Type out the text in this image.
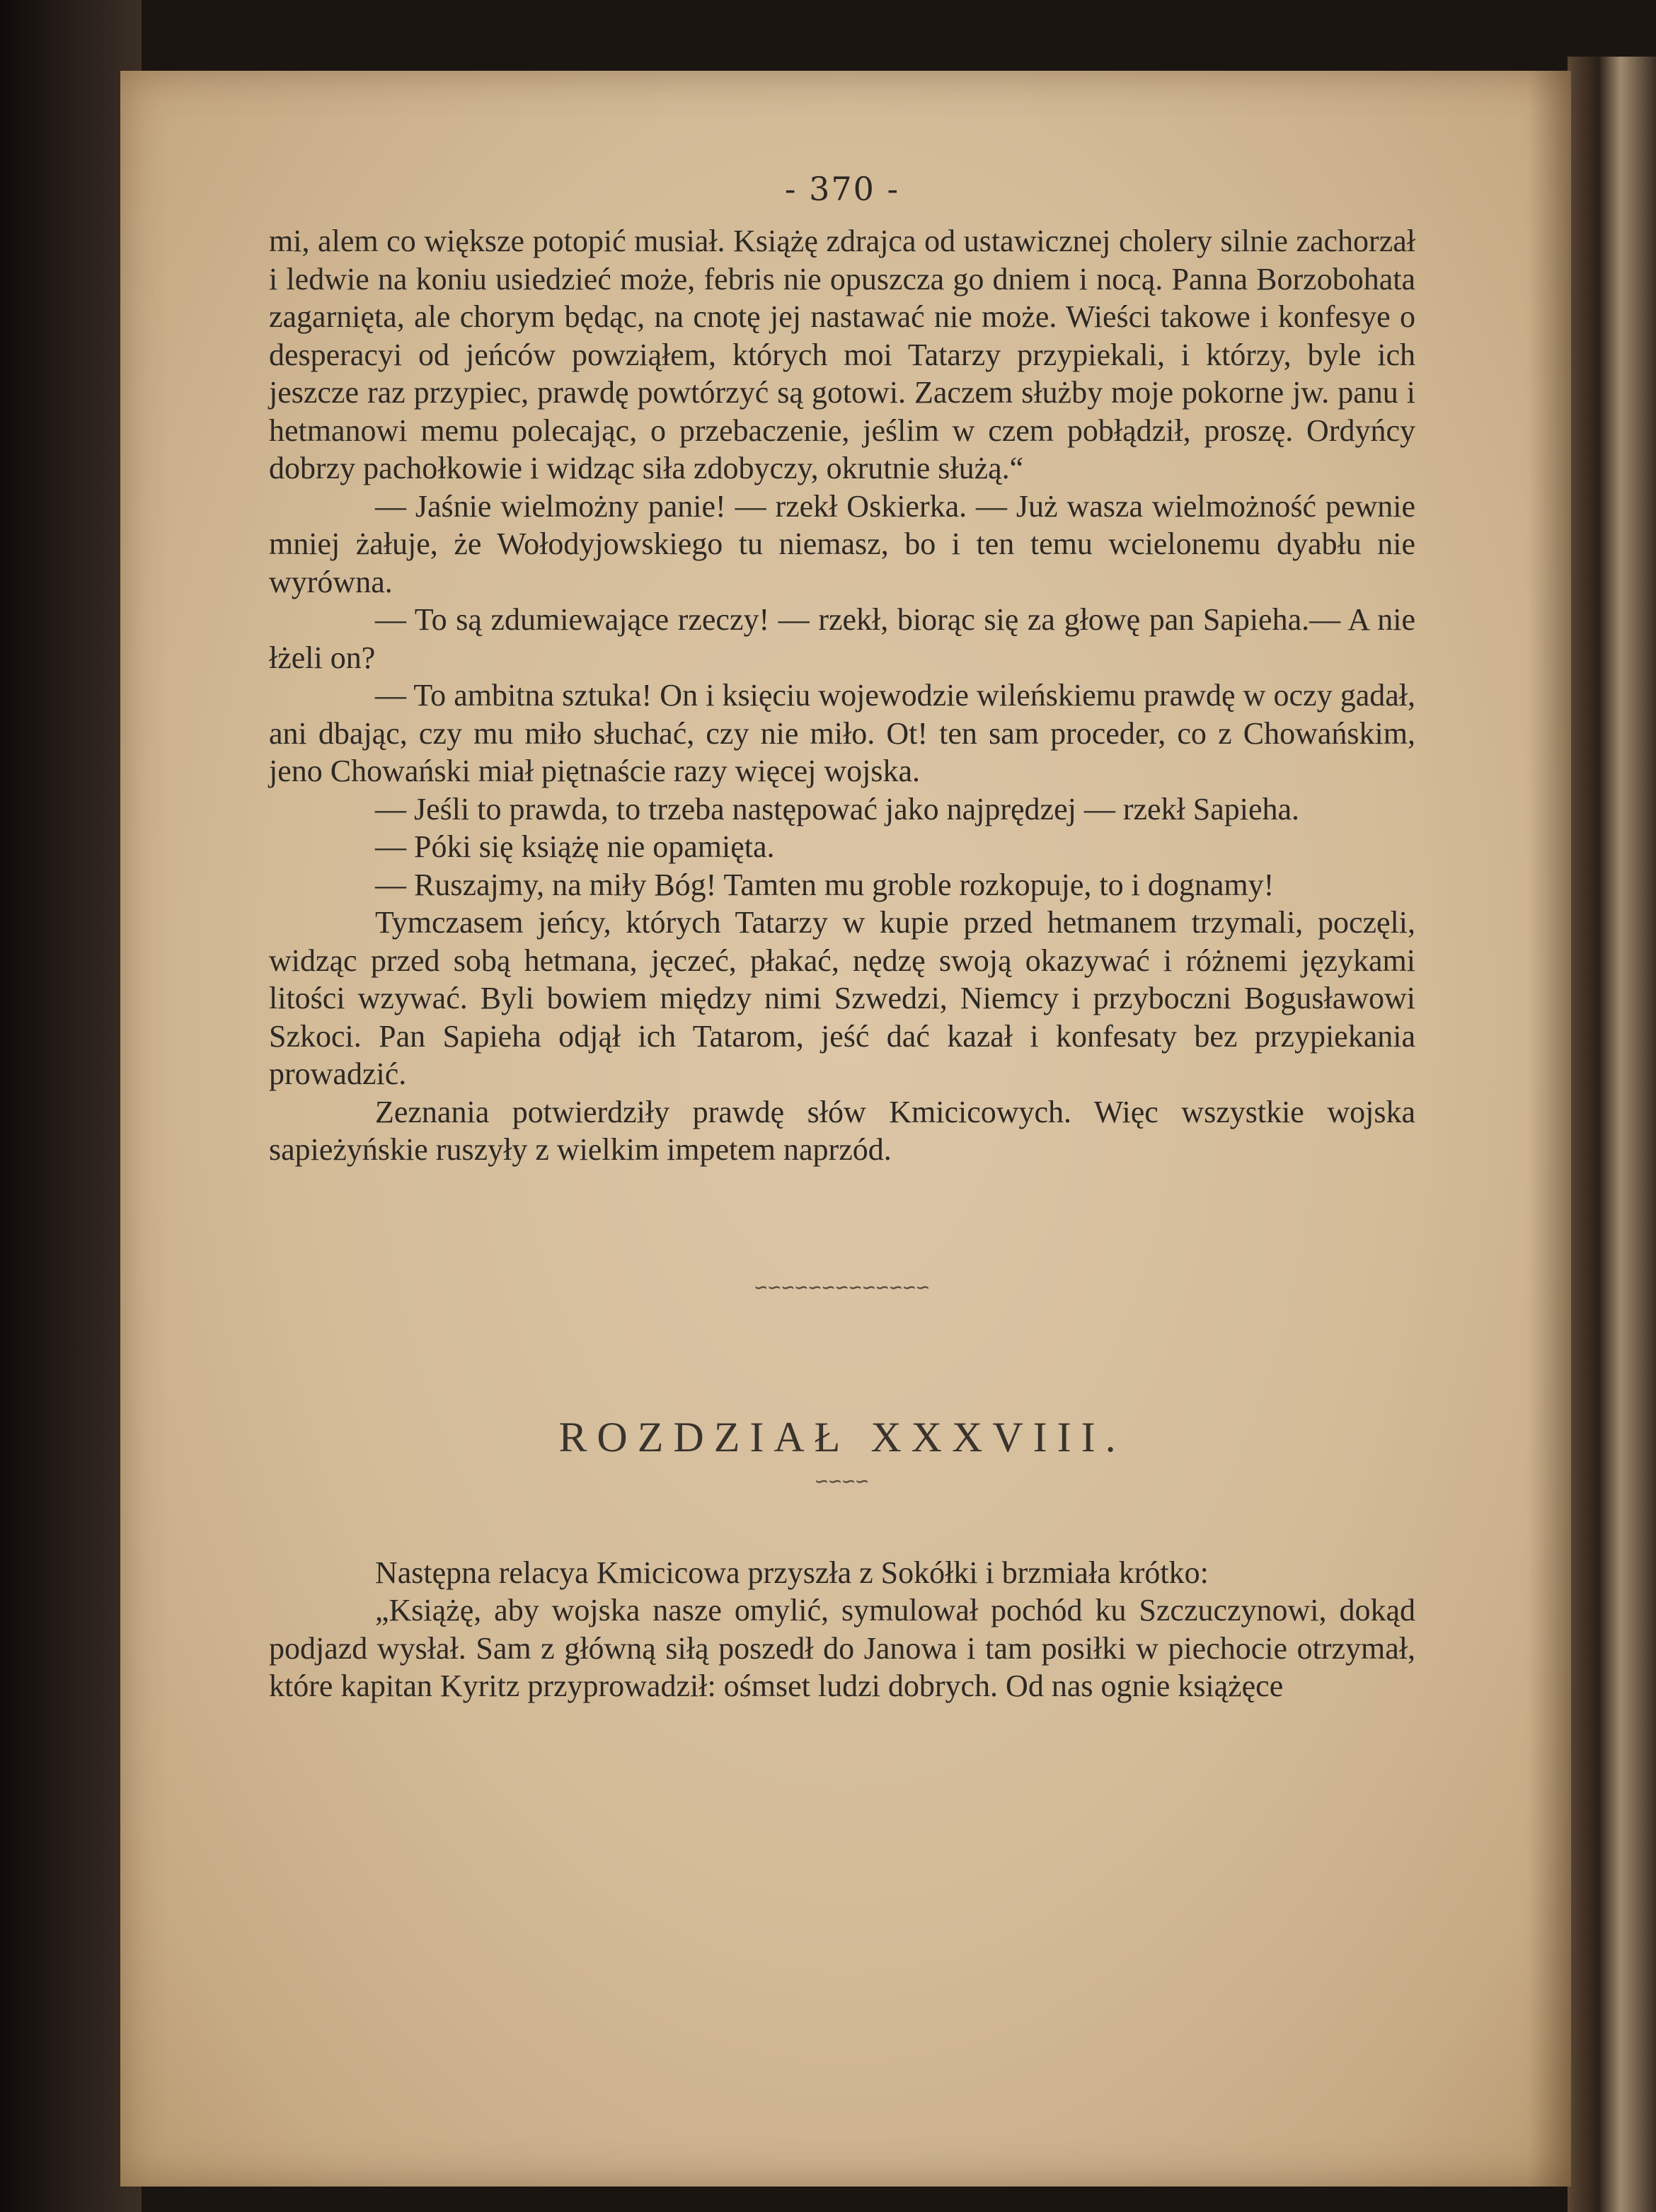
- 370 -

mi, alem co większe potopić musiał. Książę zdrajca od ustawicznej cholery silnie zachorzał i ledwie na koniu usiedzieć może, febris nie opuszcza go dniem i nocą. Panna Borzobohata zagarnięta, ale chorym będąc, na cnotę jej nastawać nie może. Wieści takowe i konfesye o desperacyi od jeńców powziąłem, których moi Tatarzy przypiekali, i którzy, byle ich jeszcze raz przypiec, prawdę powtórzyć są gotowi. Zaczem służby moje pokorne jw. panu i hetmanowi memu polecając, o przebaczenie, jeślim w czem pobłądził, proszę. Ordyńcy dobrzy pachołkowie i widząc siła zdobyczy, okrutnie służą.“

— Jaśnie wielmożny panie! — rzekł Oskierka. — Już wasza wielmożność pewnie mniej żałuje, że Wołodyjowskiego tu niemasz, bo i ten temu wcielonemu dyabłu nie wyrówna.

— To są zdumiewające rzeczy! — rzekł, biorąc się za głowę pan Sapieha.— A nie łżeli on?

— To ambitna sztuka! On i księciu wojewodzie wileńskiemu prawdę w oczy gadał, ani dbając, czy mu miło słuchać, czy nie miło. Ot! ten sam proceder, co z Chowańskim, jeno Chowański miał piętnaście razy więcej wojska.

— Jeśli to prawda, to trzeba następować jako najprędzej — rzekł Sapieha.

— Póki się książę nie opamięta.

— Ruszajmy, na miły Bóg! Tamten mu groble rozkopuje, to i dognamy!

Tymczasem jeńcy, których Tatarzy w kupie przed hetmanem trzymali, poczęli, widząc przed sobą hetmana, jęczeć, płakać, nędzę swoją okazywać i różnemi językami litości wzywać. Byli bowiem między nimi Szwedzi, Niemcy i przyboczni Bogusławowi Szkoci. Pan Sapieha odjął ich Tatarom, jeść dać kazał i konfesaty bez przypiekania prowadzić.

Zeznania potwierdziły prawdę słów Kmicicowych. Więc wszystkie wojska sapieżyńskie ruszyły z wielkim impetem naprzód.

∽∽∽∽∽∽∽∽∽∽∽∽∽
ROZDZIAŁ XXXVIII.
∽∽∽∽

Następna relacya Kmicicowa przyszła z Sokółki i brzmiała krótko:

„Książę, aby wojska nasze omylić, symulował pochód ku Szczuczynowi, dokąd podjazd wysłał. Sam z główną siłą poszedł do Janowa i tam posiłki w piechocie otrzymał, które kapitan Kyritz przyprowadził: ośmset ludzi dobrych. Od nas ognie książęce
